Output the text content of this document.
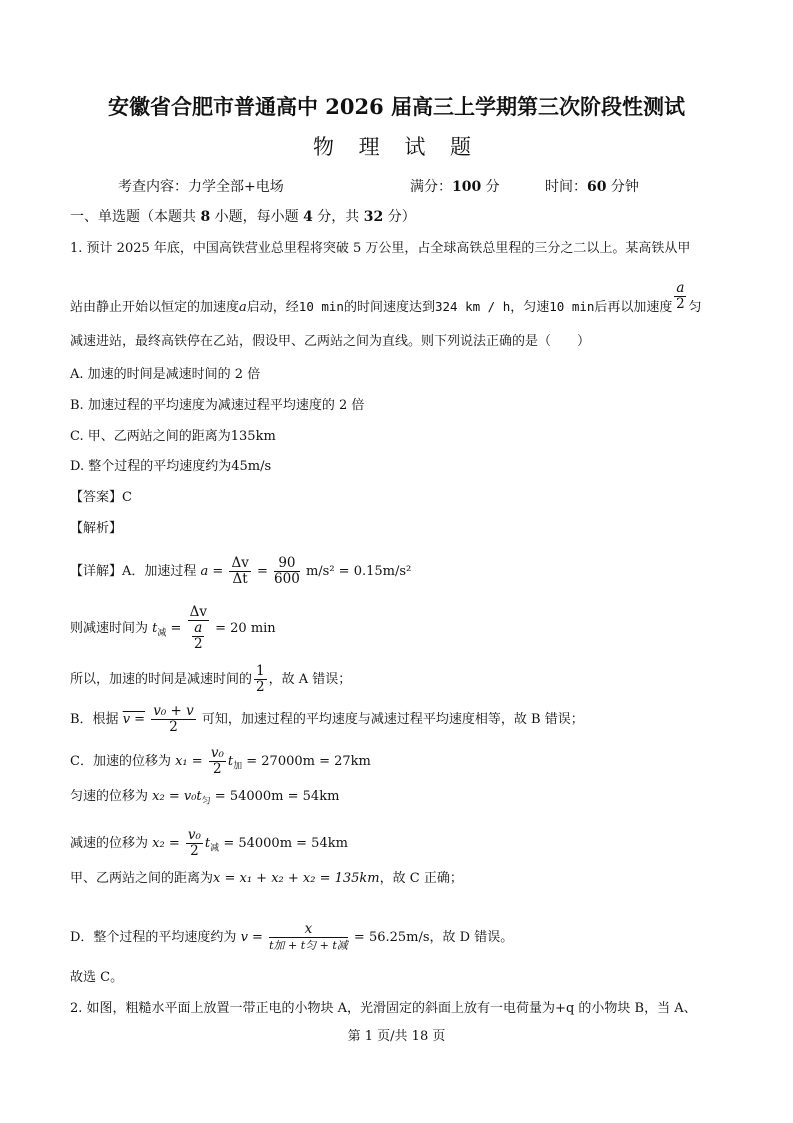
安徽省合肥市普通高中 2026 届高三上学期第三次阶段性测试
物 理 试 题
考查内容：力学全部+电场	满分：100 分	时间：60 分钟
一、单选题（本题共 8 小题，每小题 4 分，共 32 分）
1. 预计 2025 年底，中国高铁营业总里程将突破 5 万公里，占全球高铁总里程的三分之二以上。某高铁从甲
站由静止开始以恒定的加速度a启动，经10 min的时间速度达到324 km / h，匀速10 min后再以加速度 $\frac{a}{2}$ 匀
减速进站，最终高铁停在乙站，假设甲、乙两站之间为直线。则下列说法正确的是（　　）
A. 加速的时间是减速时间的 2 倍
B. 加速过程的平均速度为减速过程平均速度的 2 倍
C. 甲、乙两站之间的距离为135km
D. 整个过程的平均速度约为45m/s
【答案】C
【解析】
【详解】A．加速过程 $a = \frac{\Delta v}{\Delta t} = \frac{90}{600} m/s^2 = 0.15m/s^2$
则减速时间为 $t_减 = \frac{\Delta v}{\frac{a}{2}} = 20$ min
所以，加速的时间是减速时间的 $\frac{1}{2}$ ，故 A 错误；
B．根据 $v = \frac{\text{v₀ + v}}{2}$ 可知，加速过程的平均速度与减速过程平均速度相等，故 B 错误；
C．加速的位移为 $x_1 = \frac{\text{v₀}}{2} t_加 = 27000m = 27km$
匀速的位移为 $x_2 = v_0t_匀 = 54000m = 54km$
减速的位移为 $x_2 = \frac{\text{v₀}}{2} t_减 = 54000m = 54km$
甲、乙两站之间的距离为x = x₁ + x₂ + x₂ = 135km，故 C 正确；
D．整个过程的平均速度约为 $v = \frac{x}{\text{t加 + t匀 + t减}} = 56.25m/s$，故 D 错误。
故选 C。
2. 如图，粗糙水平面上放置一带正电的小物块 A，光滑固定的斜面上放有一电荷量为+q 的小物块 B，当 A、
第 1 页/共 18 页
